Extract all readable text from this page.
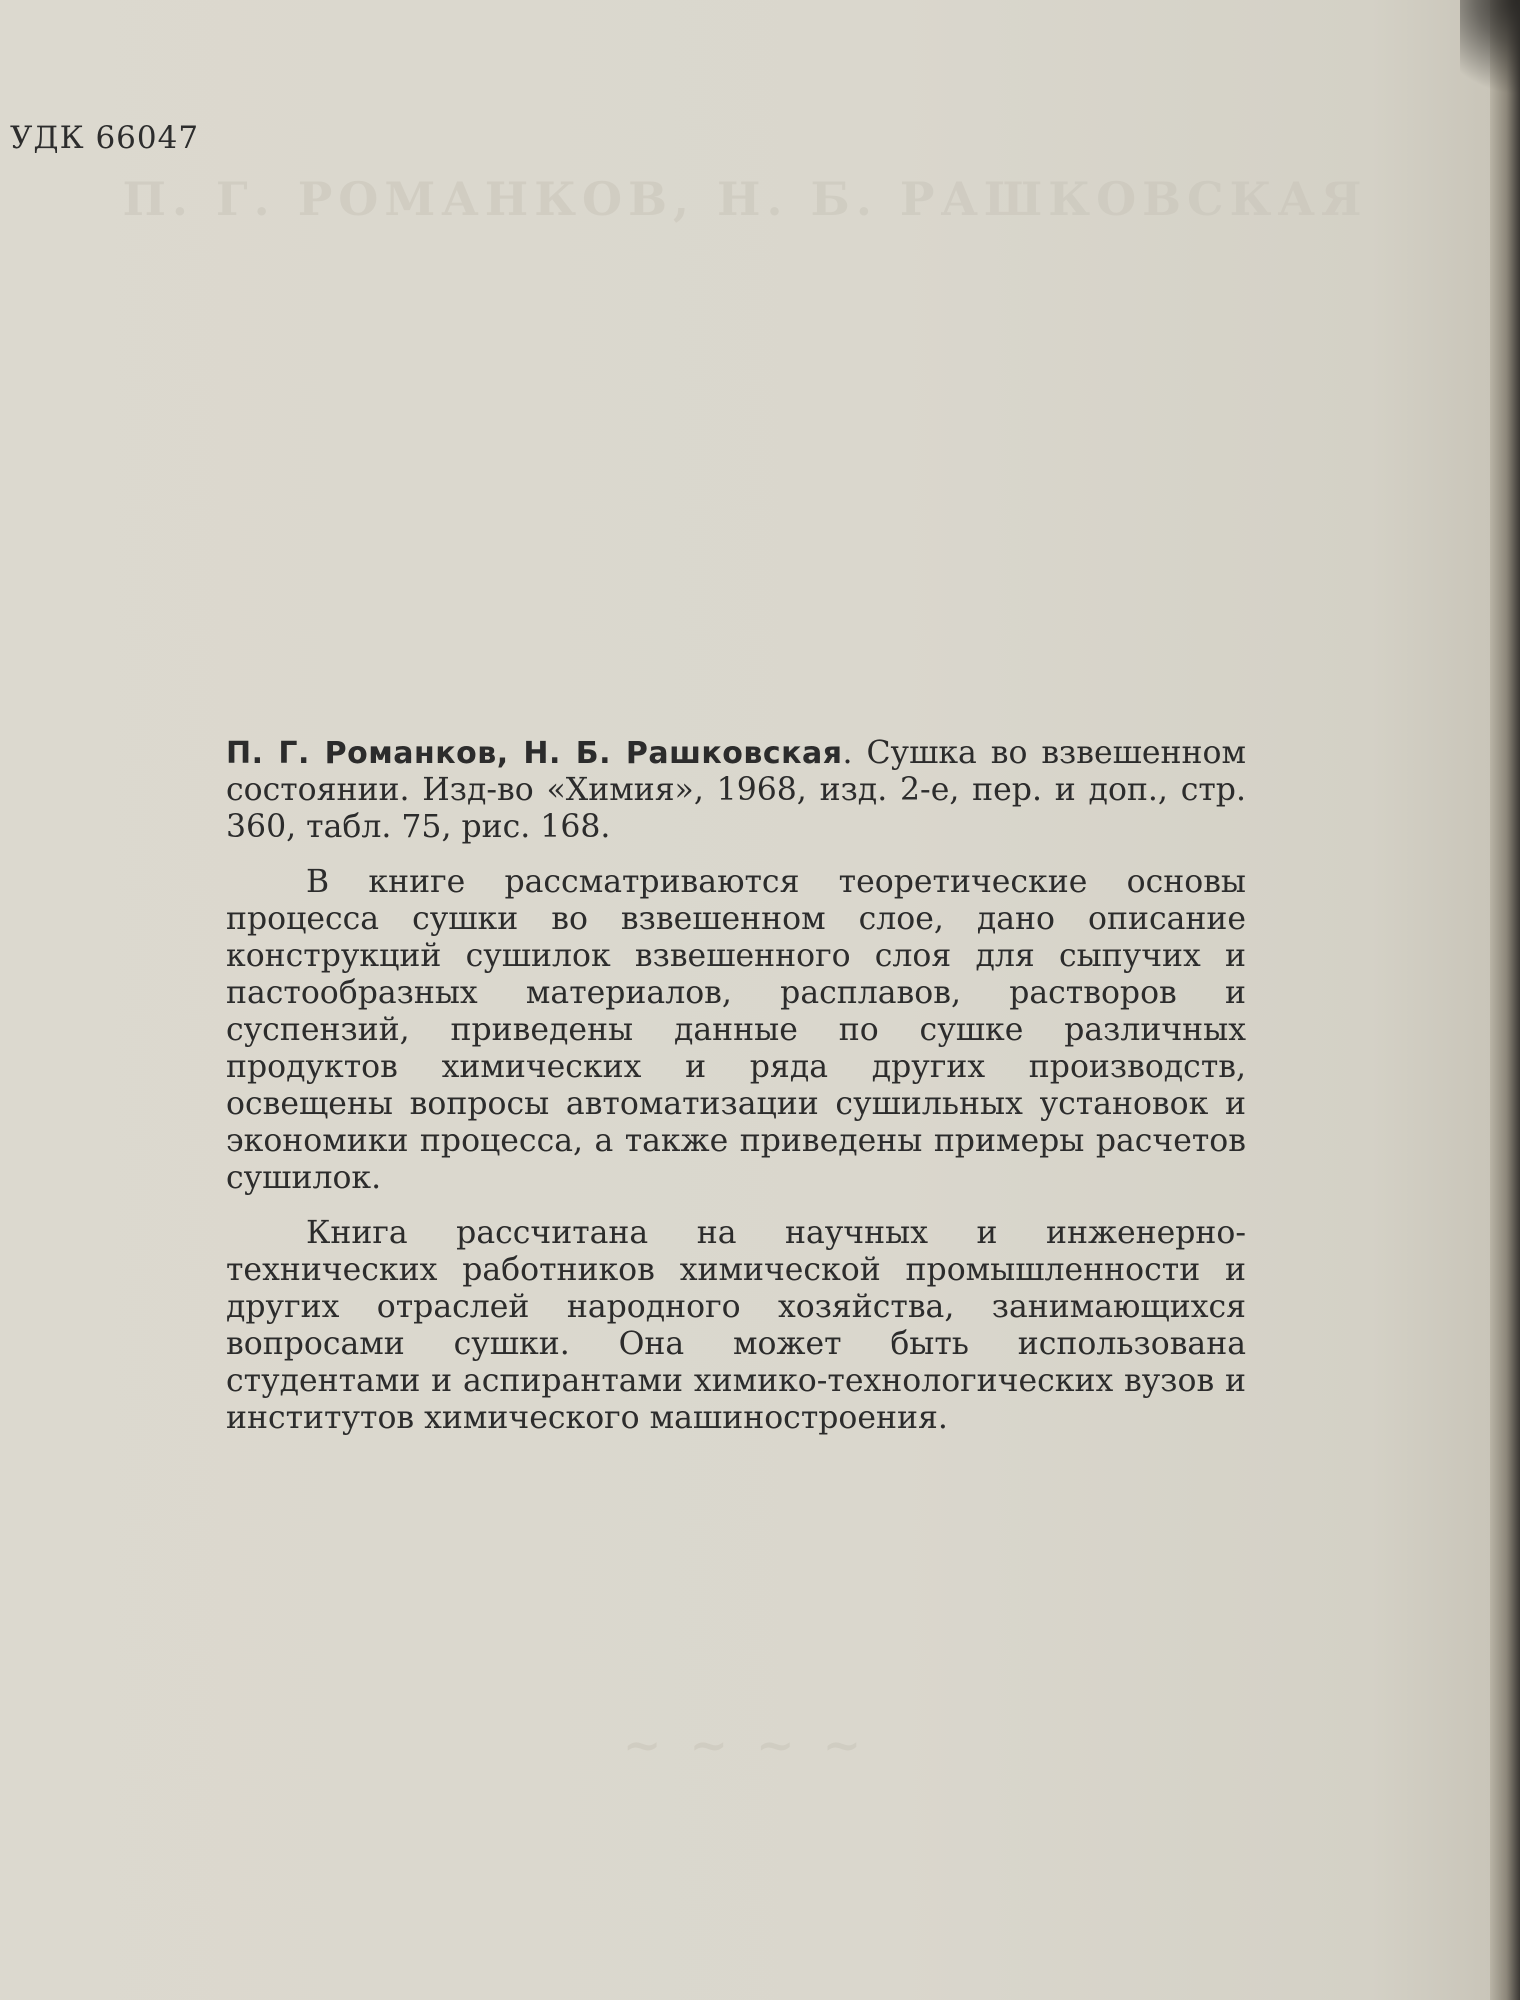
П. Г. РОМАНКОВ, Н. Б. РАШКОВСКАЯ
УДК 66047

П. Г. Романков, Н. Б. Рашковская. Сушка во взвешенном состоянии. Изд-во «Химия», 1968, изд. 2-е, пер. и доп., стр. 360, табл. 75, рис. 168.

В книге рассматриваются теоретические основы процесса сушки во взвешенном слое, дано описание конструкций сушилок взвешенного слоя для сыпучих и пастообразных материалов, расплавов, растворов и суспензий, приведены данные по сушке различных продуктов химических и ряда других производств, освещены вопросы автоматизации сушильных установок и экономики процесса, а также приведены примеры расчетов сушилок.

Книга рассчитана на научных и инженерно-технических работников химической промышленности и других отраслей народного хозяйства, занимающихся вопросами сушки. Она может быть использована студентами и аспирантами химико-технологических вузов и институтов химического машиностроения.

~ ~ ~ ~
